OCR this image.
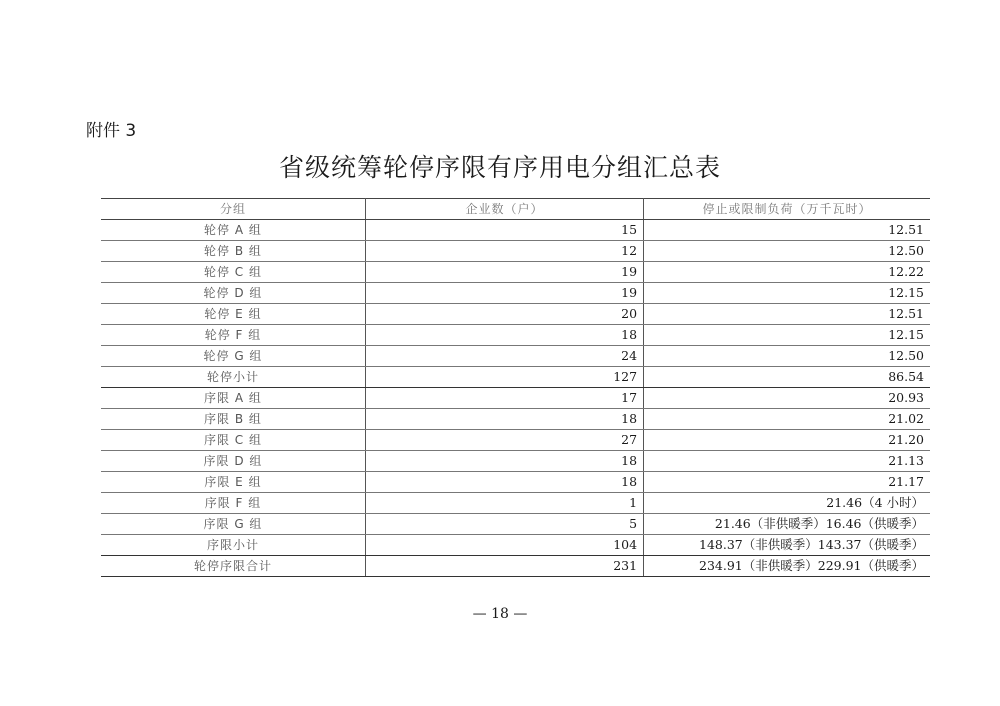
附件 3
省级统筹轮停序限有序用电分组汇总表
分组	企业数（户）	停止或限制负荷（万千瓦时）
轮停 A 组	15	12.51
轮停 B 组	12	12.50
轮停 C 组	19	12.22
轮停 D 组	19	12.15
轮停 E 组	20	12.51
轮停 F 组	18	12.15
轮停 G 组	24	12.50
轮停小计	127	86.54
序限 A 组	17	20.93
序限 B 组	18	21.02
序限 C 组	27	21.20
序限 D 组	18	21.13
序限 E 组	18	21.17
序限 F 组	1	21.46（4 小时）
序限 G 组	5	21.46（非供暖季）16.46（供暖季）
序限小计	104	148.37（非供暖季）143.37（供暖季）
轮停序限合计	231	234.91（非供暖季）229.91（供暖季）
— 18 —
